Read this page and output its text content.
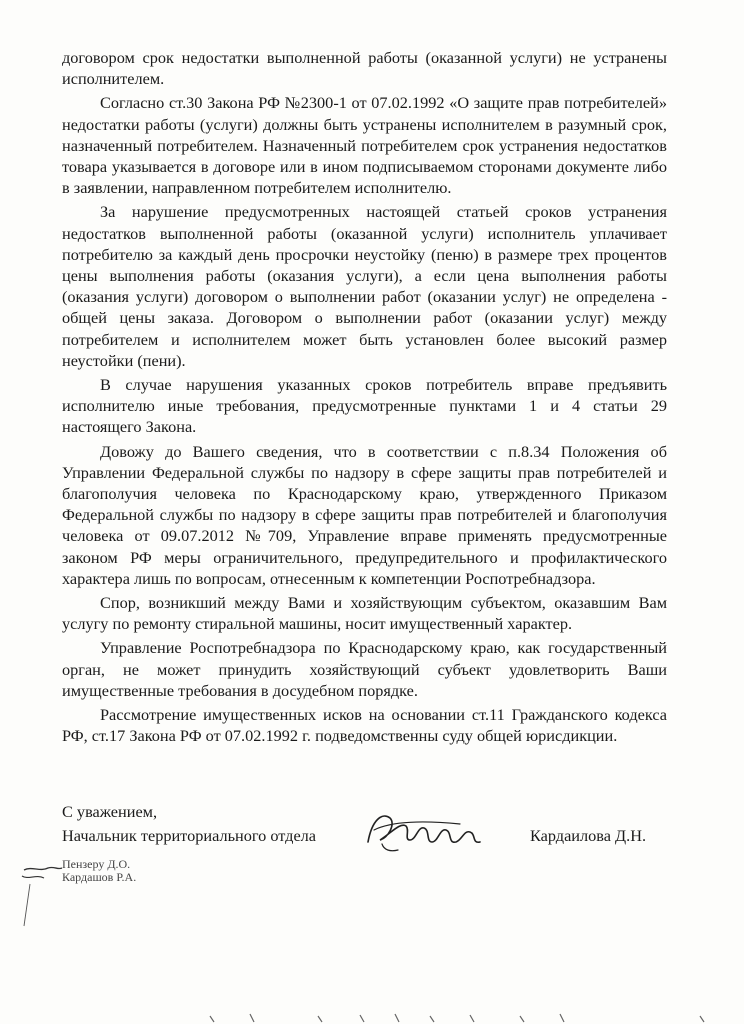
договором срок недостатки выполненной работы (оказанной услуги) не устранены исполнителем.

Согласно ст.30 Закона РФ №2300-1 от 07.02.1992 «О защите прав потребителей» недостатки работы (услуги) должны быть устранены исполнителем в разумный срок, назначенный потребителем. Назначенный потребителем срок устранения недостатков товара указывается в договоре или в ином подписываемом сторонами документе либо в заявлении, направленном потребителем исполнителю.

За нарушение предусмотренных настоящей статьей сроков устранения недостатков выполненной работы (оказанной услуги) исполнитель уплачивает потребителю за каждый день просрочки неустойку (пеню) в размере трех процентов цены выполнения работы (оказания услуги), а если цена выполнения работы (оказания услуги) договором о выполнении работ (оказании услуг) не определена - общей цены заказа. Договором о выполнении работ (оказании услуг) между потребителем и исполнителем может быть установлен более высокий размер неустойки (пени).

В случае нарушения указанных сроков потребитель вправе предъявить исполнителю иные требования, предусмотренные пунктами 1 и 4 статьи 29 настоящего Закона.

Довожу до Вашего сведения, что в соответствии с п.8.34 Положения об Управлении Федеральной службы по надзору в сфере защиты прав потребителей и благополучия человека по Краснодарскому краю, утвержденного Приказом Федеральной службы по надзору в сфере защиты прав потребителей и благополучия человека от 09.07.2012 №709, Управление вправе применять предусмотренные законом РФ меры ограничительного, предупредительного и профилактического характера лишь по вопросам, отнесенным к компетенции Роспотребнадзора.

Спор, возникший между Вами и хозяйствующим субъектом, оказавшим Вам услугу по ремонту стиральной машины, носит имущественный характер.

Управление Роспотребнадзора по Краснодарскому краю, как государственный орган, не может принудить хозяйствующий субъект удовлетворить Ваши имущественные требования в досудебном порядке.

Рассмотрение имущественных исков на основании ст.11 Гражданского кодекса РФ, ст.17 Закона РФ от 07.02.1992 г. подведомственны суду общей юрисдикции.

С уважением,
Начальник территориального отдела	Кардаилова Д.Н.
Пензеру Д.О.
Кардашов Р.А.
